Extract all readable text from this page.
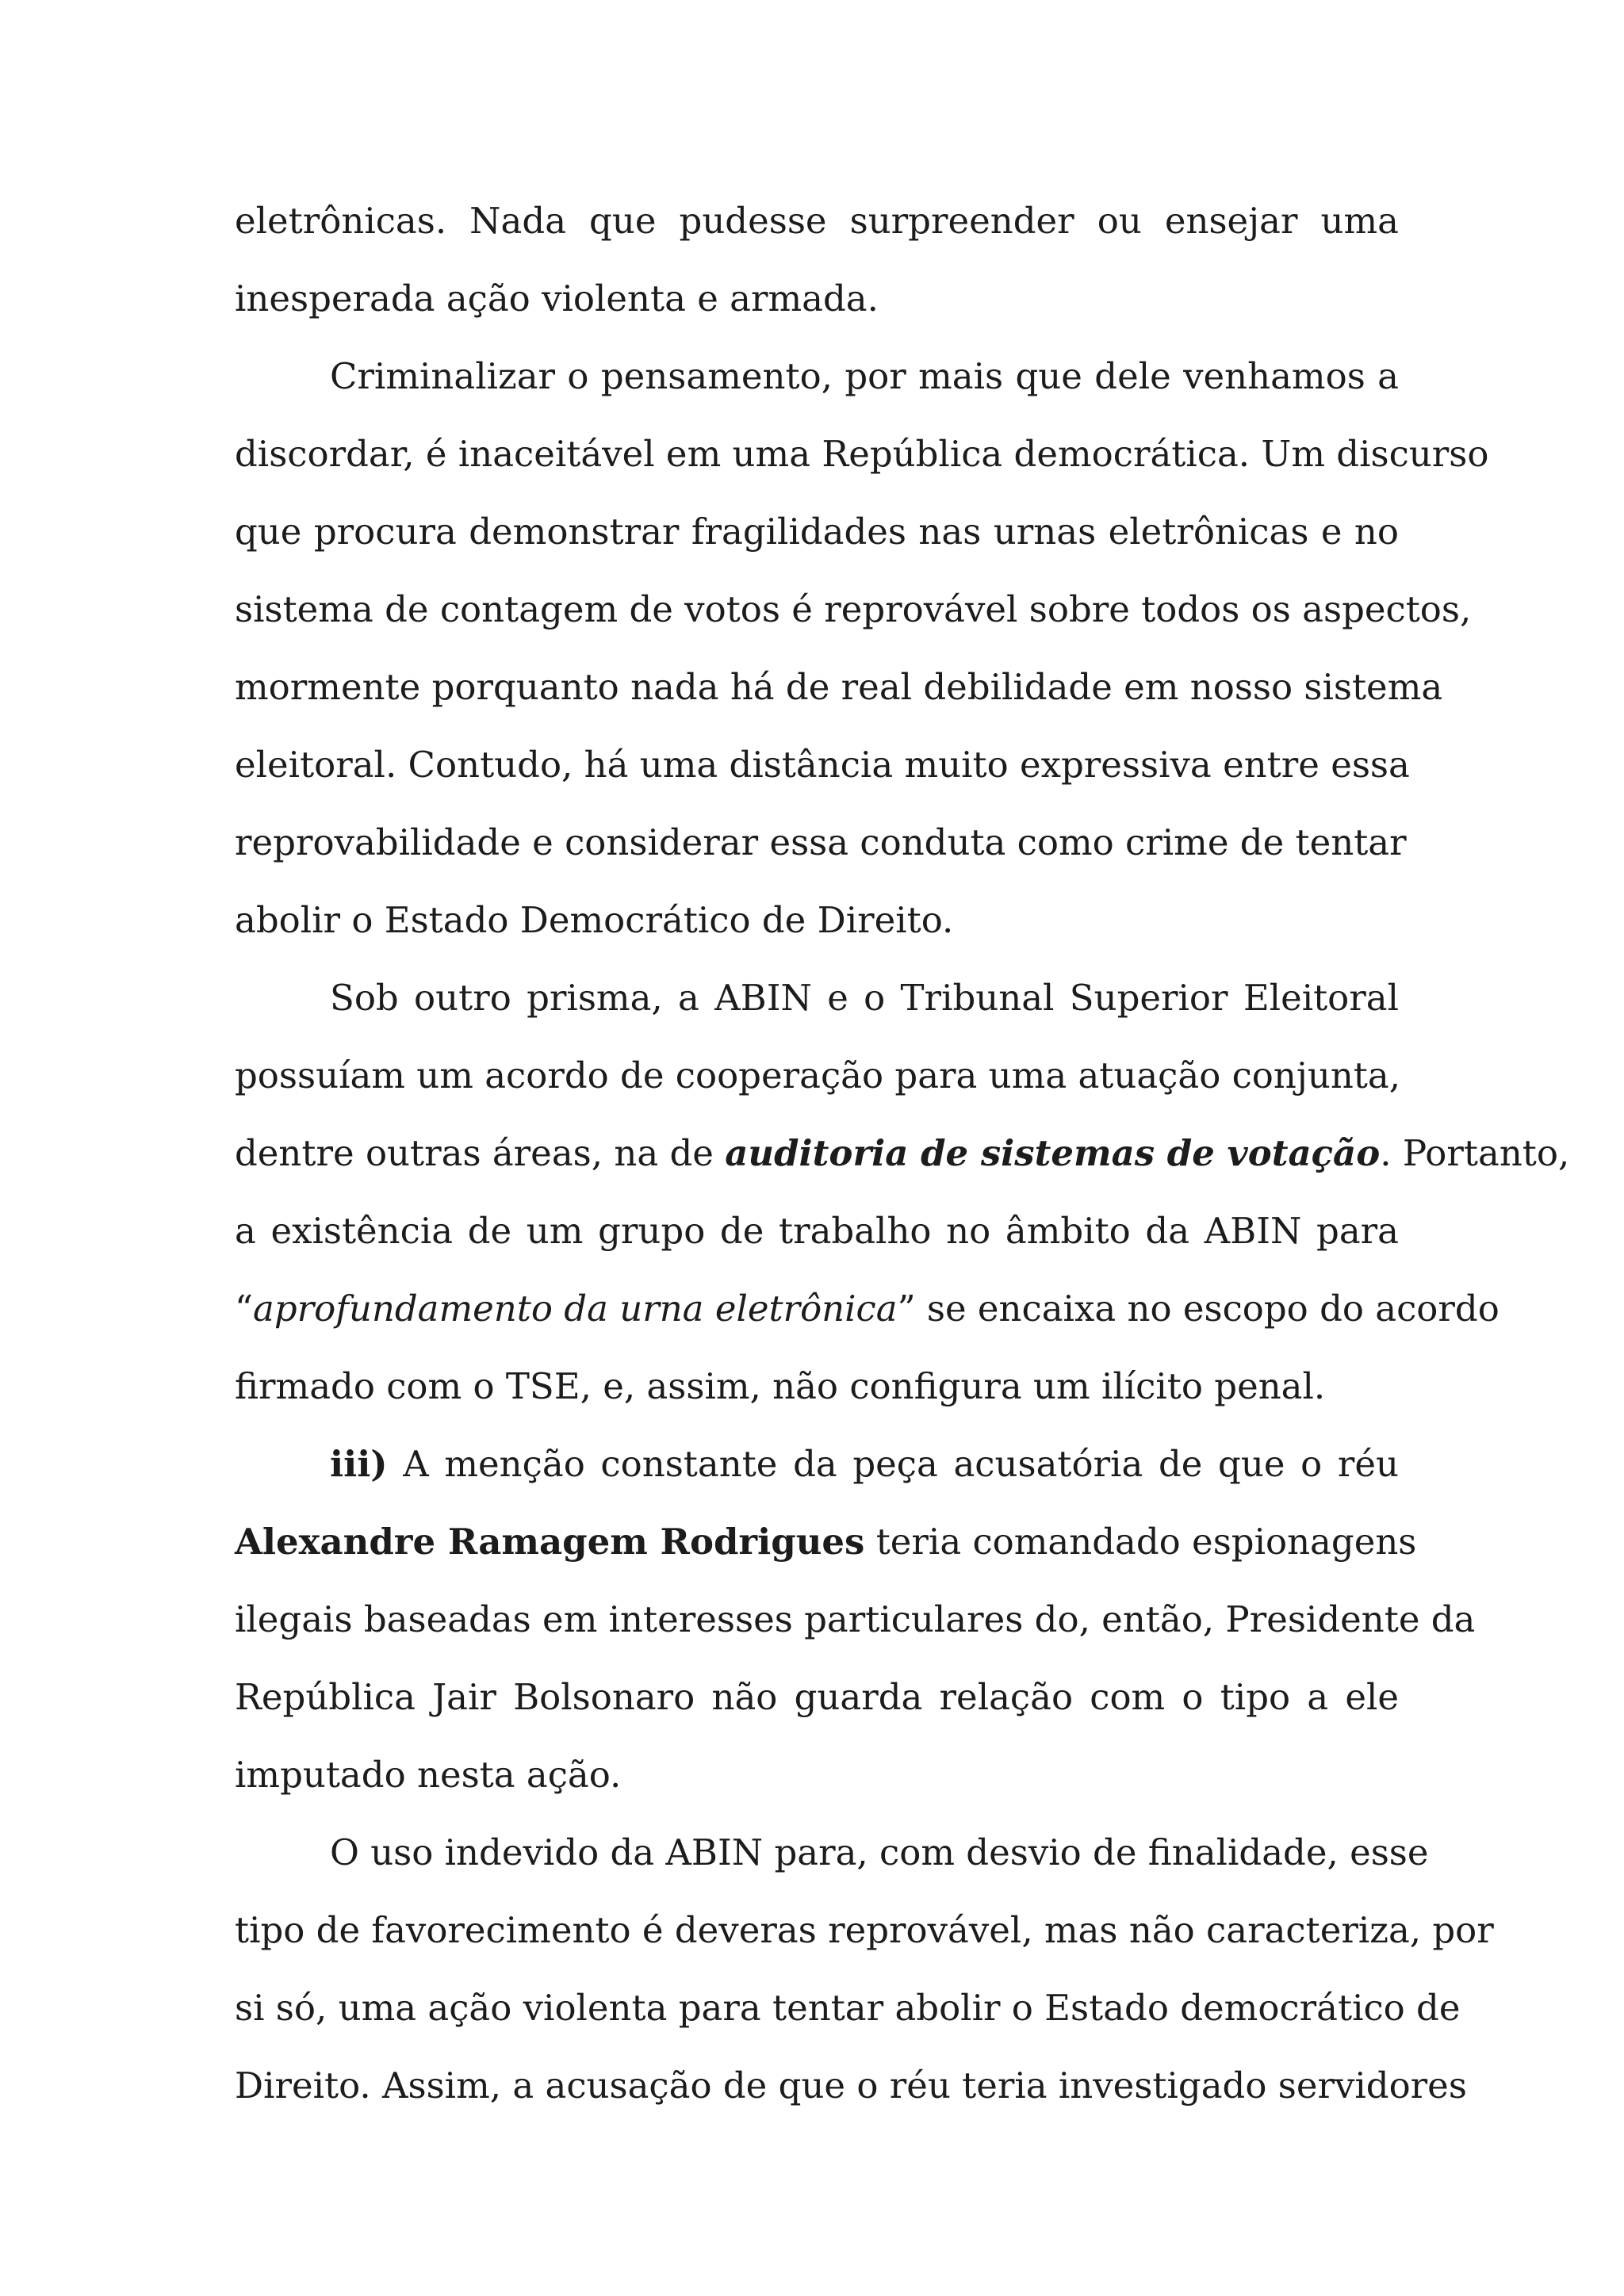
eletrônicas. Nada que pudesse surpreender ou ensejar uma
inesperada ação violenta e armada.
Criminalizar o pensamento, por mais que dele venhamos a
discordar, é inaceitável em uma República democrática. Um discurso
que procura demonstrar fragilidades nas urnas eletrônicas e no
sistema de contagem de votos é reprovável sobre todos os aspectos,
mormente porquanto nada há de real debilidade em nosso sistema
eleitoral. Contudo, há uma distância muito expressiva entre essa
reprovabilidade e considerar essa conduta como crime de tentar
abolir o Estado Democrático de Direito.
Sob outro prisma, a ABIN e o Tribunal Superior Eleitoral
possuíam um acordo de cooperação para uma atuação conjunta,
dentre outras áreas, na de auditoria de sistemas de votação. Portanto,
a existência de um grupo de trabalho no âmbito da ABIN para
“aprofundamento da urna eletrônica” se encaixa no escopo do acordo
firmado com o TSE, e, assim, não configura um ilícito penal.
iii) A menção constante da peça acusatória de que o réu
Alexandre Ramagem Rodrigues teria comandado espionagens
ilegais baseadas em interesses particulares do, então, Presidente da
República Jair Bolsonaro não guarda relação com o tipo a ele
imputado nesta ação.
O uso indevido da ABIN para, com desvio de finalidade, esse
tipo de favorecimento é deveras reprovável, mas não caracteriza, por
si só, uma ação violenta para tentar abolir o Estado democrático de
Direito. Assim, a acusação de que o réu teria investigado servidores
